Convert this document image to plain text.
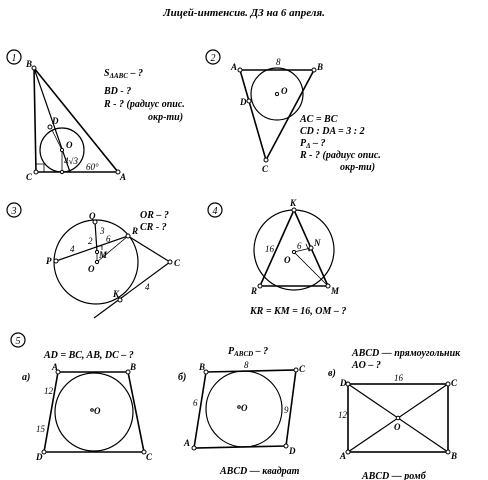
Лицей-интенсив. ДЗ на 6 апреля.
1 B
D
O
C	A
4√3
60°
$S_{\Delta ABC}$ – ?
BD - ?
R - ? (радиус опис.
окр-ти)
2
A	B
D
O
C
8
AC = BC
CD : DA = 3 : 2
$P_\Delta$ – ?
R - ? (радиус опис.
окр-ти)
3	Q
R
P
M
O
K
C
4
2 6
3
4
OR – ?
CR - ?
4
K
N
O
R	M
16	6
KR = KM = 16, OM – ?
5
AD = BC, AB, DC – ?
а)
A	B
C
D
O
12
15
$P_{ABCD}$ – ?
б)
B	C
D
A
O
8
6
9
ABCD — квадрат
ABCD — прямоугольник
AO – ?
в)
D	C
A	B
O
16
12
ABCD — ромб
